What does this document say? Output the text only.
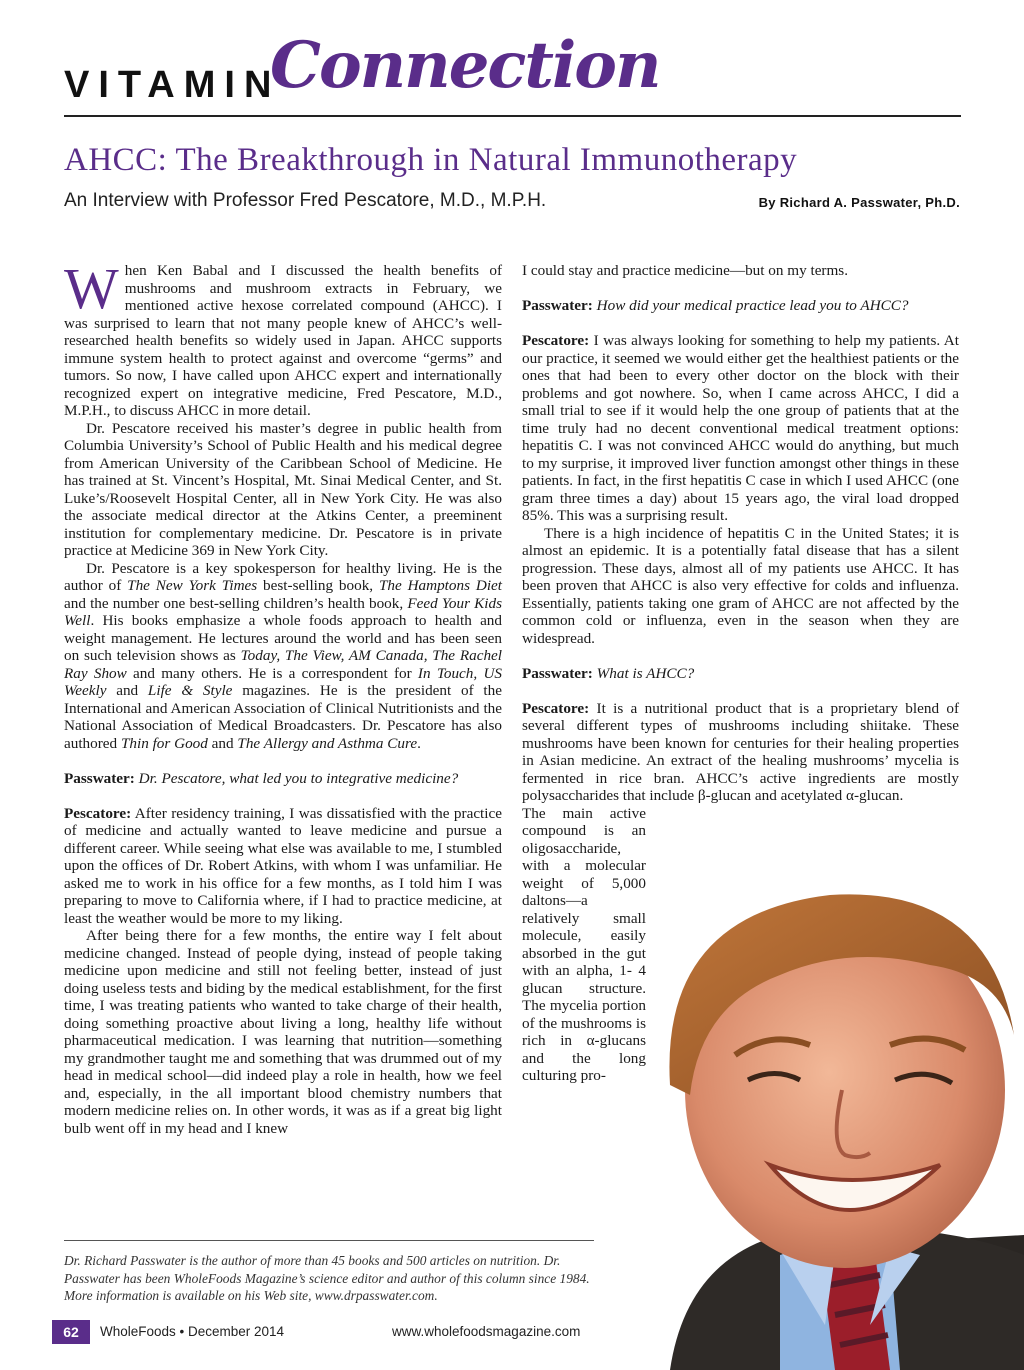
VITAMIN
Connection
AHCC: The Breakthrough in Natural Immunotherapy
An Interview with Professor Fred Pescatore, M.D., M.P.H.	By Richard A. Passwater, Ph.D.

When Ken Babal and I discussed the health benefits of mushrooms and mushroom extracts in February, we mentioned active hexose correlated compound (AHCC). I was surprised to learn that not many people knew of AHCC’s well-researched health benefits so widely used in Japan. AHCC supports immune system health to protect against and overcome “germs” and tumors. So now, I have called upon AHCC expert and internationally recognized expert on integrative medicine, Fred Pescatore, M.D., M.P.H., to discuss AHCC in more detail.

Dr. Pescatore received his master’s degree in public health from Columbia University’s School of Public Health and his medical degree from American University of the Caribbean School of Medicine. He has trained at St. Vincent’s Hospital, Mt. Sinai Medical Center, and St. Luke’s/Roosevelt Hospital Center, all in New York City. He was also the associate medical director at the Atkins Center, a preeminent institution for complementary medicine. Dr. Pescatore is in private practice at Medicine 369 in New York City.

Dr. Pescatore is a key spokesperson for healthy living. He is the author of The New York Times best-selling book, The Hamptons Diet and the number one best-selling children’s health book, Feed Your Kids Well. His books emphasize a whole foods approach to health and weight management. He lectures around the world and has been seen on such television shows as Today, The View, AM Canada, The Rachel Ray Show and many others. He is a correspondent for In Touch, US Weekly and Life & Style magazines. He is the president of the International and American Association of Clinical Nutritionists and the National Association of Medical Broadcasters. Dr. Pescatore has also authored Thin for Good and The Allergy and Asthma Cure.

Passwater: Dr. Pescatore, what led you to integrative medicine?

Pescatore: After residency training, I was dissatisfied with the practice of medicine and actually wanted to leave medicine and pursue a different career. While seeing what else was available to me, I stumbled upon the offices of Dr. Robert Atkins, with whom I was unfamiliar. He asked me to work in his office for a few months, as I told him I was preparing to move to California where, if I had to practice medicine, at least the weather would be more to my liking.

After being there for a few months, the entire way I felt about medicine changed. Instead of people dying, instead of people taking medicine upon medicine and still not feeling better, instead of just doing useless tests and biding by the medical establishment, for the first time, I was treating patients who wanted to take charge of their health, doing something proactive about living a long, healthy life without pharmaceutical medication. I was learning that nutrition—something my grandmother taught me and something that was drummed out of my head in medical school—did indeed play a role in health, how we feel and, especially, in the all important blood chemistry numbers that modern medicine relies on. In other words, it was as if a great big light bulb went off in my head and I knew

I could stay and practice medicine—but on my terms.

Passwater: How did your medical practice lead you to AHCC?

Pescatore: I was always looking for something to help my patients. At our practice, it seemed we would either get the healthiest patients or the ones that had been to every other doctor on the block with their problems and got nowhere. So, when I came across AHCC, I did a small trial to see if it would help the one group of patients that at the time truly had no decent conventional medical treatment options: hepatitis C. I was not convinced AHCC would do anything, but much to my surprise, it improved liver function amongst other things in these patients. In fact, in the first hepatitis C case in which I used AHCC (one gram three times a day) about 15 years ago, the viral load dropped 85%. This was a surprising result.

There is a high incidence of hepatitis C in the United States; it is almost an epidemic. It is a potentially fatal disease that has a silent progression. These days, almost all of my patients use AHCC. It has been proven that AHCC is also very effective for colds and influenza. Essentially, patients taking one gram of AHCC are not affected by the common cold or influenza, even in the season when they are widespread.

Passwater: What is AHCC?

Pescatore: It is a nutritional product that is a proprietary blend of several different types of mushrooms including shiitake. These mushrooms have been known for centuries for their healing properties in Asian medicine. An extract of the healing mushrooms’ mycelia is fermented in rice bran. AHCC’s active ingredients are mostly polysaccharides that include β-glucan and acetylated α-glucan.

The main active compound is an oligosaccharide, with a molecular weight of 5,000 daltons—a relatively small molecule, easily absorbed in the gut with an alpha, 1- 4 glucan structure. The mycelia portion of the mushrooms is rich in α-glucans and the long culturing pro-

Dr. Richard Passwater is the author of more than 45 books and 500 articles on nutrition. Dr. Passwater has been WholeFoods Magazine’s science editor and author of this column since 1984. More information is available on his Web site, www.drpasswater.com.
62	WholeFoods • December 2014	www.wholefoodsmagazine.com
